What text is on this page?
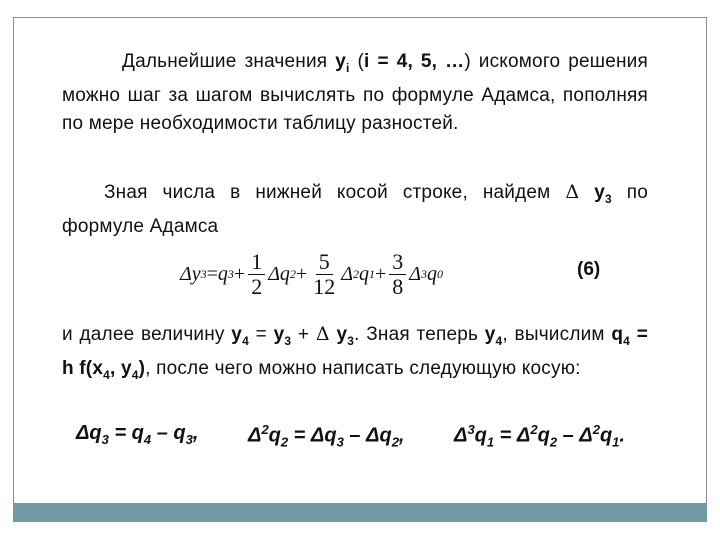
Дальнейшие значения $y_i$ (i = 4, 5, …) искомого решения можно шаг за шагом вычислять по формуле Адамса, пополняя по мере необходимости таблицу разностей.
Зная числа в нижней косой строке, найдем Δ $y_3$ по формуле Адамса
Δy 3 = q $3 + \frac{1}{2}$ Δq $2 + \frac{5}{12}$ Δ 2 q $1 + \frac{3}{8}$ Δ 3 q 0	(6)
и далее величину $y_4 = y_3 + \Delta$ $y_3$. Зная теперь $y_4$, вычислим $q_4 = h$ $f(x_4$, $y_4$), после чего можно написать следующую косую:
$\Delta q_3 = q_4 - q_3$, $\Delta^2q_2 = \Delta q_3 - \Delta q_2$, $\Delta^3q_1 = \Delta^2q_2 - \Delta^2q_1$.
